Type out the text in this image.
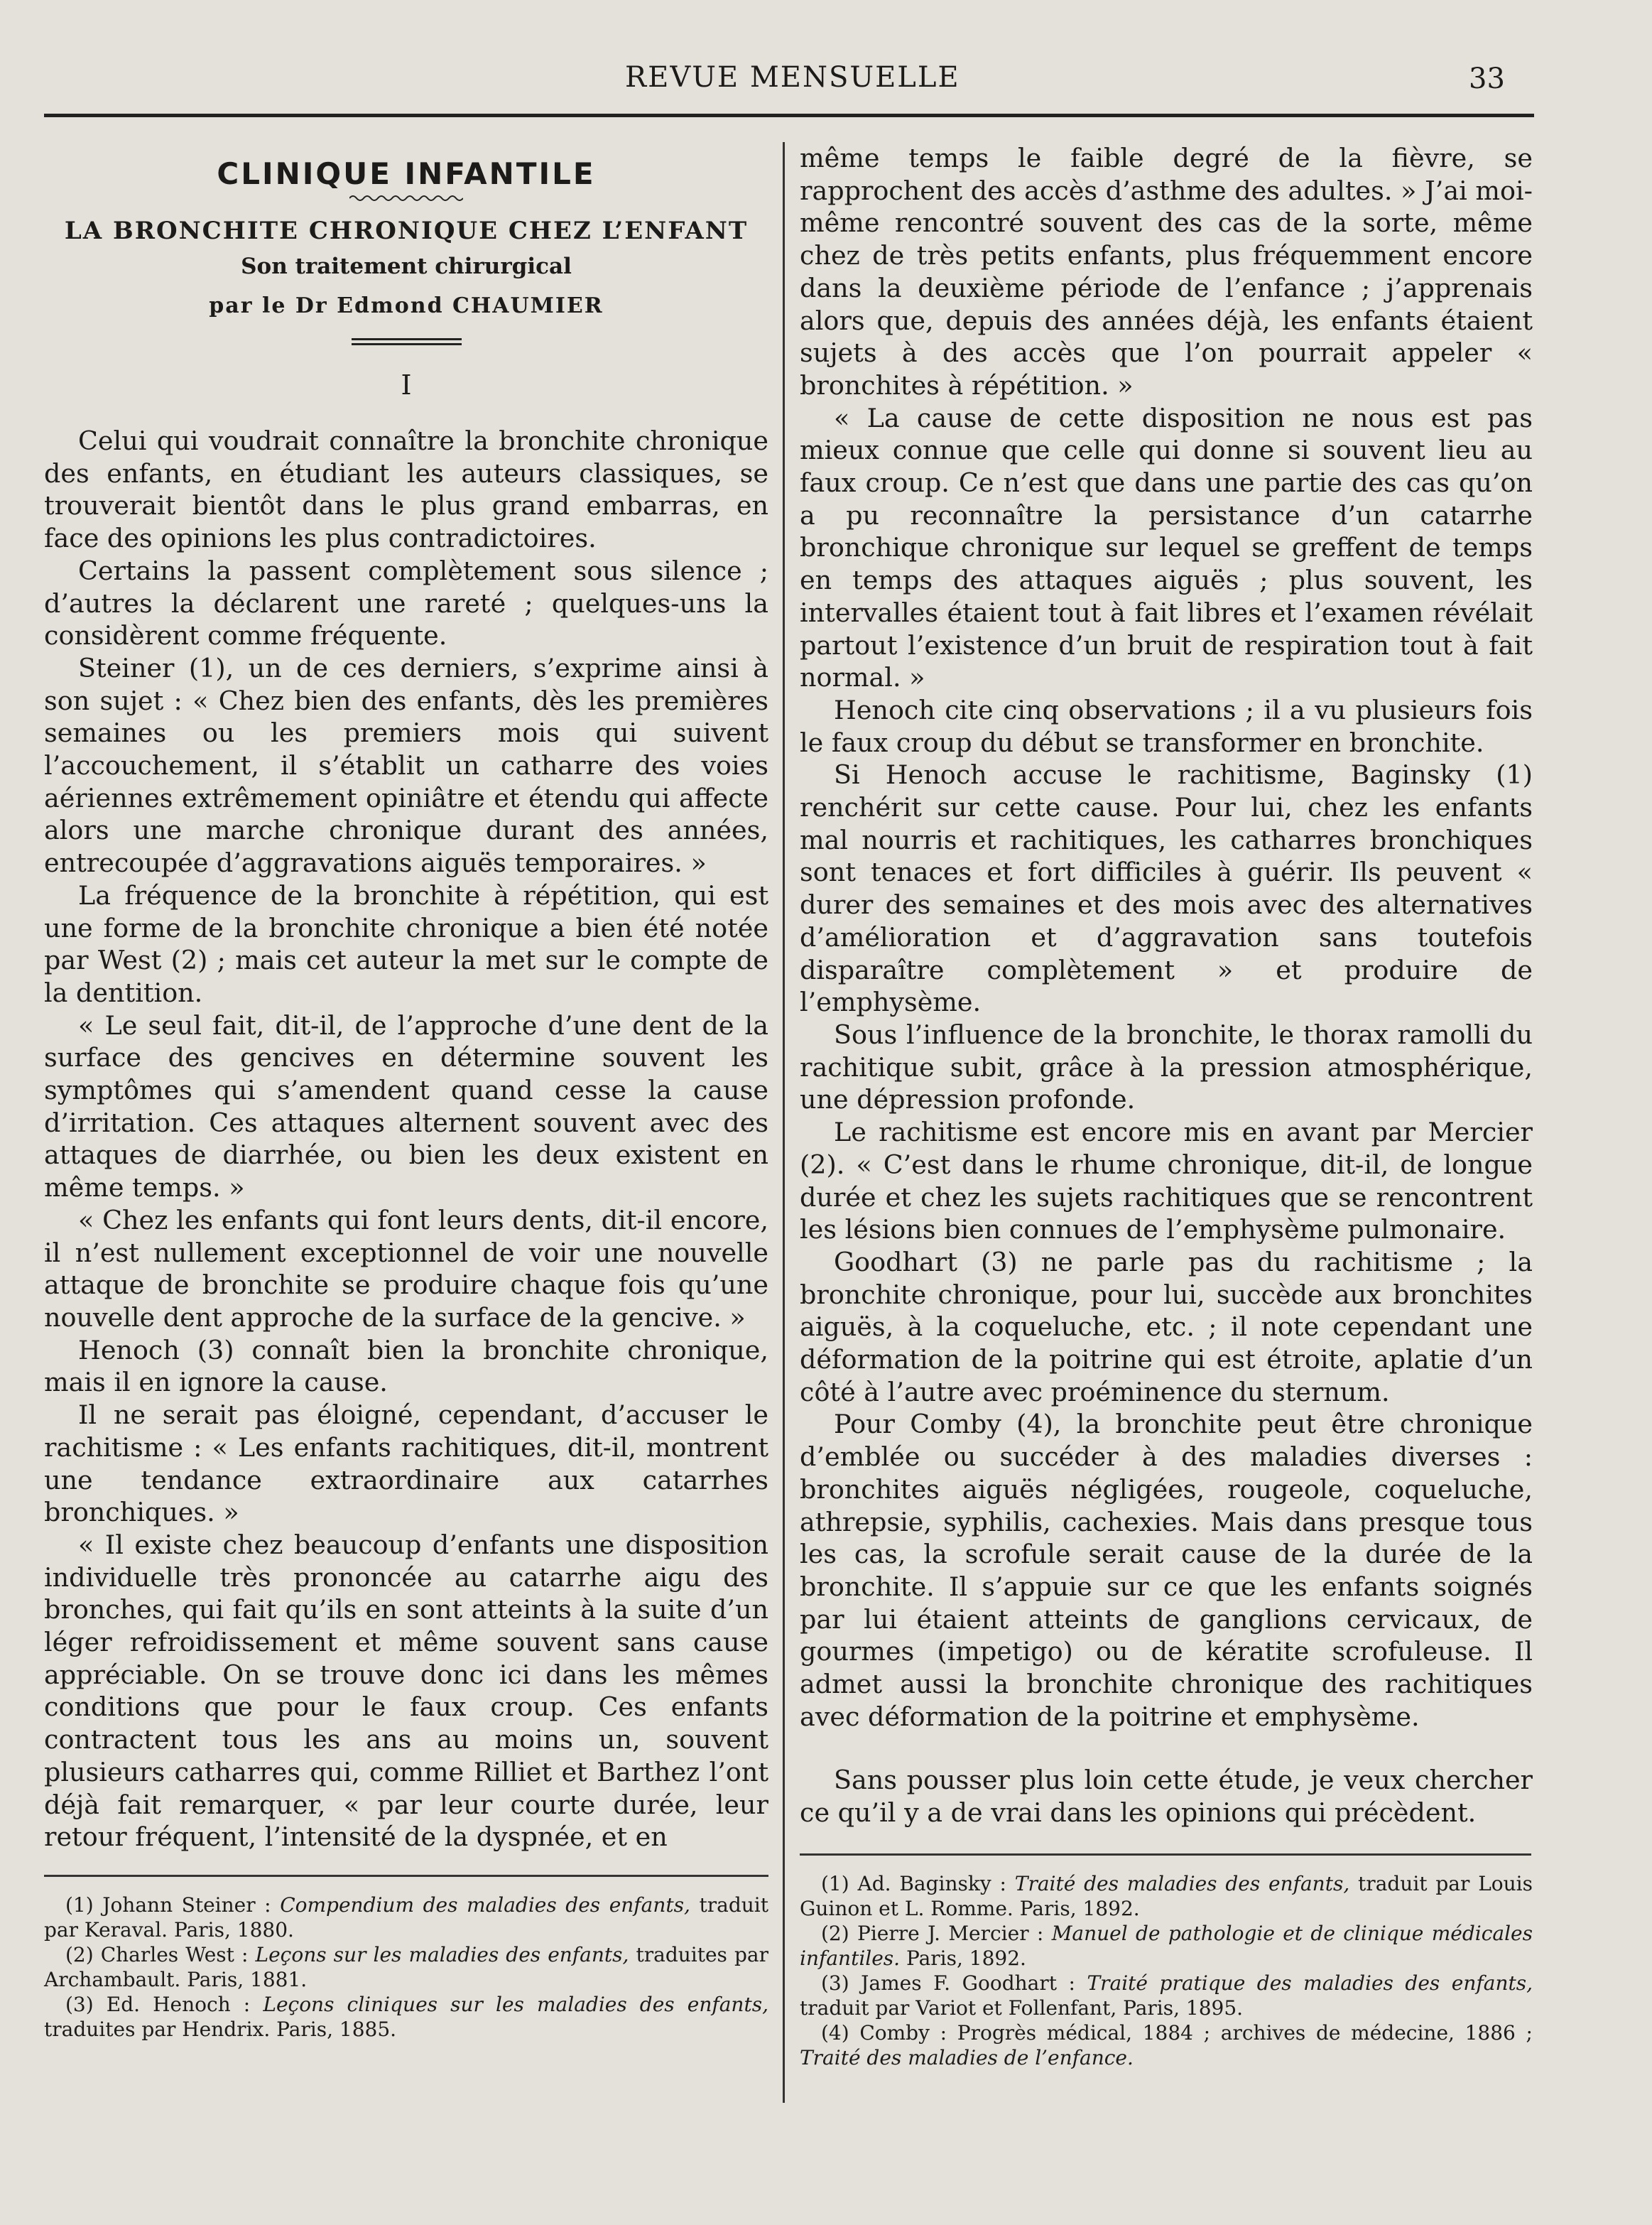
REVUE MENSUELLE	33
CLINIQUE INFANTILE
LA BRONCHITE CHRONIQUE CHEZ L’ENFANT
Son traitement chirurgical
par le Dr Edmond CHAUMIER
I

Celui qui voudrait connaître la bronchite chronique des enfants, en étudiant les auteurs classiques, se trouverait bientôt dans le plus grand embarras, en face des opinions les plus contradictoires.

Certains la passent complètement sous silence ; d’autres la déclarent une rareté ; quelques-uns la considèrent comme fréquente.

Steiner (1), un de ces derniers, s’exprime ainsi à son sujet : « Chez bien des enfants, dès les premières semaines ou les premiers mois qui suivent l’accouchement, il s’établit un catharre des voies aériennes extrêmement opiniâtre et étendu qui affecte alors une marche chronique durant des années, entrecoupée d’aggravations aiguës temporaires. »

La fréquence de la bronchite à répétition, qui est une forme de la bronchite chronique a bien été notée par West (2) ; mais cet auteur la met sur le compte de la dentition.

« Le seul fait, dit-il, de l’approche d’une dent de la surface des gencives en détermine souvent les symptômes qui s’amendent quand cesse la cause d’irritation. Ces attaques alternent souvent avec des attaques de diarrhée, ou bien les deux existent en même temps. »

« Chez les enfants qui font leurs dents, dit-il encore, il n’est nullement exceptionnel de voir une nouvelle attaque de bronchite se produire chaque fois qu’une nouvelle dent approche de la surface de la gencive. »

Henoch (3) connaît bien la bronchite chronique, mais il en ignore la cause.

Il ne serait pas éloigné, cependant, d’accuser le rachitisme : « Les enfants rachitiques, dit-il, montrent une tendance extraordinaire aux catarrhes bronchiques. »

« Il existe chez beaucoup d’enfants une disposition individuelle très prononcée au catarrhe aigu des bronches, qui fait qu’ils en sont atteints à la suite d’un léger refroidissement et même souvent sans cause appréciable. On se trouve donc ici dans les mêmes conditions que pour le faux croup. Ces enfants contractent tous les ans au moins un, souvent plusieurs catharres qui, comme Rilliet et Barthez l’ont déjà fait remarquer, « par leur courte durée, leur retour fréquent, l’intensité de la dyspnée, et en

(1) Johann Steiner : Compendium des maladies des enfants, traduit par Keraval. Paris, 1880.

(2) Charles West : Leçons sur les maladies des enfants, traduites par Archambault. Paris, 1881.

(3) Ed. Henoch : Leçons cliniques sur les maladies des enfants, traduites par Hendrix. Paris, 1885.

même temps le faible degré de la fièvre, se rapprochent des accès d’asthme des adultes. » J’ai moi-même rencontré souvent des cas de la sorte, même chez de très petits enfants, plus fréquemment encore dans la deuxième période de l’enfance ; j’apprenais alors que, depuis des années déjà, les enfants étaient sujets à des accès que l’on pourrait appeler « bronchites à répétition. »

« La cause de cette disposition ne nous est pas mieux connue que celle qui donne si souvent lieu au faux croup. Ce n’est que dans une partie des cas qu’on a pu reconnaître la persistance d’un catarrhe bronchique chronique sur lequel se greffent de temps en temps des attaques aiguës ; plus souvent, les intervalles étaient tout à fait libres et l’examen révélait partout l’existence d’un bruit de respiration tout à fait normal. »

Henoch cite cinq observations ; il a vu plusieurs fois le faux croup du début se transformer en bronchite.

Si Henoch accuse le rachitisme, Baginsky (1) renchérit sur cette cause. Pour lui, chez les enfants mal nourris et rachitiques, les catharres bronchiques sont tenaces et fort difficiles à guérir. Ils peuvent « durer des semaines et des mois avec des alternatives d’amélioration et d’aggravation sans toutefois disparaître complètement » et produire de l’emphysème.

Sous l’influence de la bronchite, le thorax ramolli du rachitique subit, grâce à la pression atmosphérique, une dépression profonde.

Le rachitisme est encore mis en avant par Mercier (2). « C’est dans le rhume chronique, dit-il, de longue durée et chez les sujets rachitiques que se rencontrent les lésions bien connues de l’emphysème pulmonaire.

Goodhart (3) ne parle pas du rachitisme ; la bronchite chronique, pour lui, succède aux bronchites aiguës, à la coqueluche, etc. ; il note cependant une déformation de la poitrine qui est étroite, aplatie d’un côté à l’autre avec proéminence du sternum.

Pour Comby (4), la bronchite peut être chronique d’emblée ou succéder à des maladies diverses : bronchites aiguës négligées, rougeole, coqueluche, athrepsie, syphilis, cachexies. Mais dans presque tous les cas, la scrofule serait cause de la durée de la bronchite. Il s’appuie sur ce que les enfants soignés par lui étaient atteints de ganglions cervicaux, de gourmes (impetigo) ou de kératite scrofuleuse. Il admet aussi la bronchite chronique des rachitiques avec déformation de la poitrine et emphysème.

Sans pousser plus loin cette étude, je veux chercher ce qu’il y a de vrai dans les opinions qui précèdent.

(1) Ad. Baginsky : Traité des maladies des enfants, traduit par Louis Guinon et L. Romme. Paris, 1892.

(2) Pierre J. Mercier : Manuel de pathologie et de clinique médicales infantiles. Paris, 1892.

(3) James F. Goodhart : Traité pratique des maladies des enfants, traduit par Variot et Follenfant, Paris, 1895.

(4) Comby : Progrès médical, 1884 ; archives de médecine, 1886 ; Traité des maladies de l’enfance.
